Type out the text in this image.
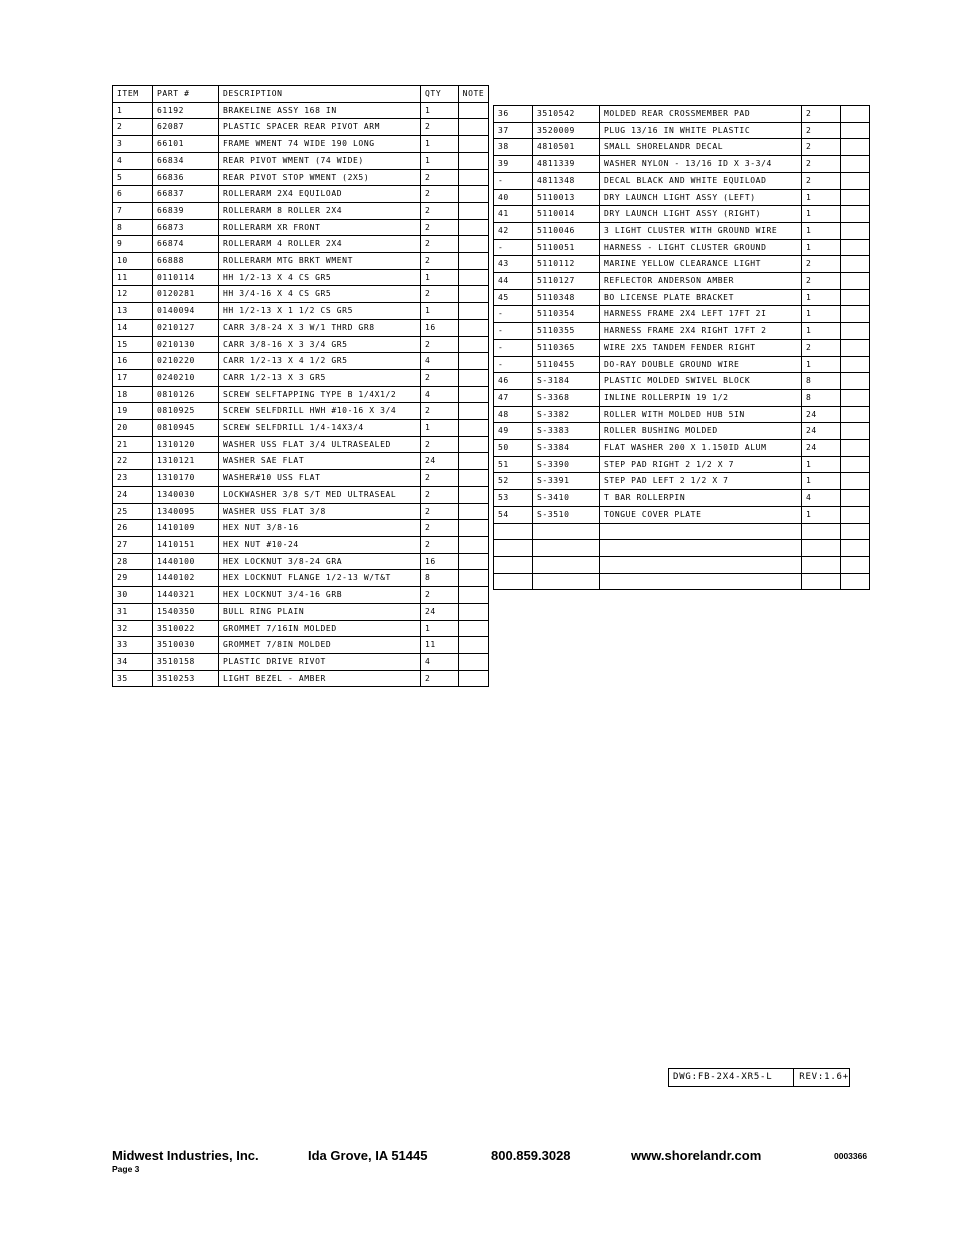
ITEM	PART #	DESCRIPTION	QTY	NOTE
1	61192	BRAKELINE ASSY 168 IN	1	
2	62087	PLASTIC SPACER REAR PIVOT ARM	2	
3	66101	FRAME WMENT 74 WIDE 190 LONG	1	
4	66834	REAR PIVOT WMENT (74 WIDE)	1	
5	66836	REAR PIVOT STOP WMENT (2X5)	2	
6	66837	ROLLERARM 2X4 EQUILOAD	2	
7	66839	ROLLERARM 8 ROLLER 2X4	2	
8	66873	ROLLERARM XR FRONT	2	
9	66874	ROLLERARM 4 ROLLER 2X4	2	
10	66888	ROLLERARM MTG BRKT WMENT	2	
11	0110114	HH 1/2-13 X 4 CS GR5	1	
12	0120281	HH 3/4-16 X 4 CS GR5	2	
13	0140094	HH 1/2-13 X 1 1/2 CS GR5	1	
14	0210127	CARR 3/8-24 X 3 W/1 THRD GR8	16	
15	0210130	CARR 3/8-16 X 3 3/4 GR5	2	
16	0210220	CARR 1/2-13 X 4 1/2 GR5	4	
17	0240210	CARR 1/2-13 X 3 GR5	2	
18	0810126	SCREW SELFTAPPING TYPE B 1/4X1/2	4	
19	0810925	SCREW SELFDRILL HWH #10-16 X 3/4	2	
20	0810945	SCREW SELFDRILL 1/4-14X3/4	1	
21	1310120	WASHER USS FLAT 3/4 ULTRASEALED	2	
22	1310121	WASHER SAE FLAT	24	
23	1310170	WASHER#10 USS FLAT	2	
24	1340030	LOCKWASHER 3/8 S/T MED ULTRASEAL	2	
25	1340095	WASHER USS FLAT 3/8	2	
26	1410109	HEX NUT 3/8-16	2	
27	1410151	HEX NUT #10-24	2	
28	1440100	HEX LOCKNUT 3/8-24 GRA	16	
29	1440102	HEX LOCKNUT FLANGE 1/2-13 W/T&T	8	
30	1440321	HEX LOCKNUT 3/4-16 GRB	2	
31	1540350	BULL RING PLAIN	24	
32	3510022	GROMMET 7/16IN MOLDED	1	
33	3510030	GROMMET 7/8IN MOLDED	11	
34	3510158	PLASTIC DRIVE RIVOT	4	
35	3510253	LIGHT BEZEL - AMBER	2	
36	3510542	MOLDED REAR CROSSMEMBER PAD	2	
37	3520009	PLUG 13/16 IN WHITE PLASTIC	2	
38	4810501	SMALL SHORELANDR DECAL	2	
39	4811339	WASHER NYLON - 13/16 ID X 3-3/4	2	
-	4811348	DECAL BLACK AND WHITE EQUILOAD	2	
40	5110013	DRY LAUNCH LIGHT ASSY (LEFT)	1	
41	5110014	DRY LAUNCH LIGHT ASSY (RIGHT)	1	
42	5110046	3 LIGHT CLUSTER WITH GROUND WIRE	1	
-	5110051	HARNESS - LIGHT CLUSTER GROUND	1	
43	5110112	MARINE YELLOW CLEARANCE LIGHT	2	
44	5110127	REFLECTOR ANDERSON AMBER	2	
45	5110348	BO LICENSE PLATE BRACKET	1	
-	5110354	HARNESS FRAME 2X4 LEFT 17FT 2I	1	
-	5110355	HARNESS FRAME 2X4 RIGHT 17FT 2	1	
-	5110365	WIRE 2X5 TANDEM FENDER RIGHT	2	
-	5110455	DO-RAY DOUBLE GROUND WIRE	1	
46	S-3184	PLASTIC MOLDED SWIVEL BLOCK	8	
47	S-3368	INLINE ROLLERPIN 19 1/2	8	
48	S-3382	ROLLER WITH MOLDED HUB 5IN	24	
49	S-3383	ROLLER BUSHING MOLDED	24	
50	S-3384	FLAT WASHER 200 X 1.150ID ALUM	24	
51	S-3390	STEP PAD RIGHT 2 1/2 X 7	1	
52	S-3391	STEP PAD LEFT 2 1/2 X 7	1	
53	S-3410	T BAR ROLLERPIN	4	
54	S-3510	TONGUE COVER PLATE	1	

DWG:FB-2X4-XR5-L	REV:1.6+
Midwest Industries, Inc.	Ida Grove, IA 51445	800.859.3028	www.shorelandr.com	0003366
Page 3
